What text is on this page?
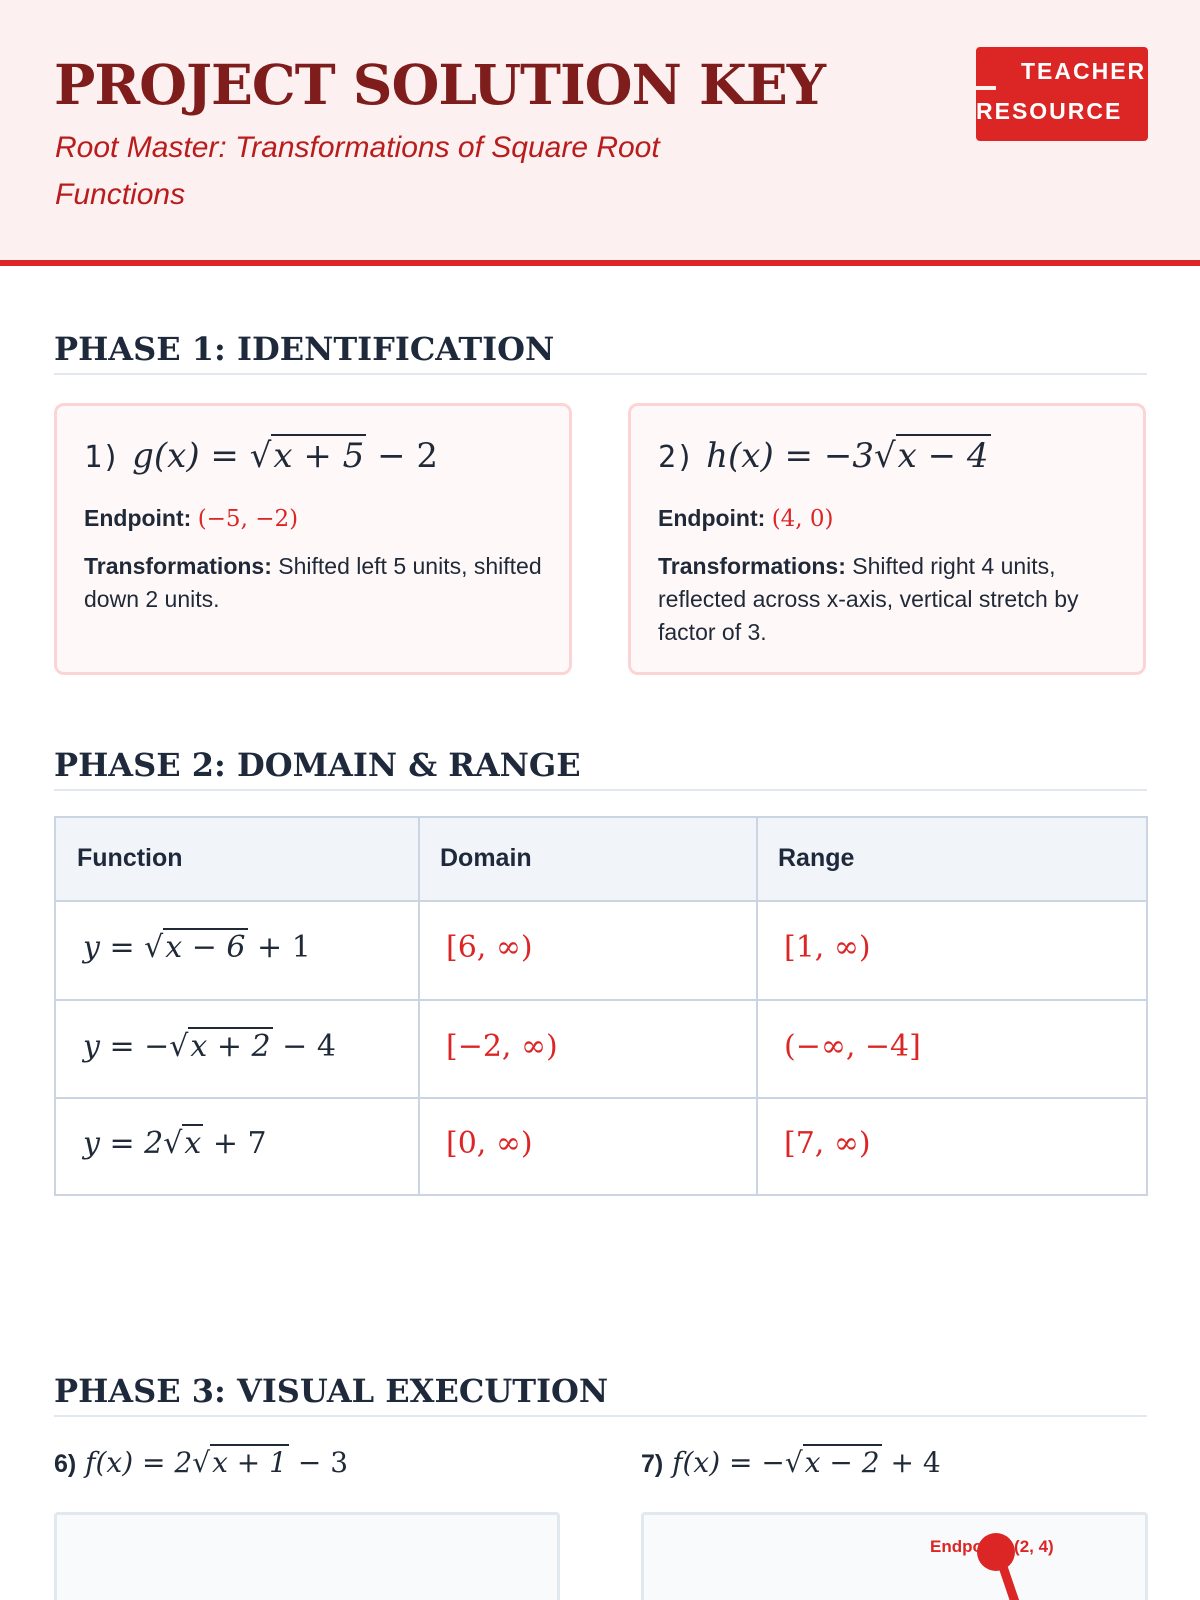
PROJECT SOLUTION KEY
Root Master: Transformations of Square Root Functions
TEACHER
RESOURCE
PHASE 1: IDENTIFICATION
1) g(x) = √x + 5 − 2
Endpoint: (−5, −2)
Transformations: Shifted left 5 units, shifted down 2 units.
2) h(x) = −3√x − 4
Endpoint: (4, 0)
Transformations: Shifted right 4 units, reflected across x-axis, vertical stretch by factor of 3.
PHASE 2: DOMAIN & RANGE
Function	Domain	Range
y = √x − 6 + 1	[6, ∞)	[1, ∞)
y = −√x + 2 − 4	[−2, ∞)	(−∞, −4]
y = 2√x + 7	[0, ∞)	[7, ∞)
PHASE 3: VISUAL EXECUTION
6) f(x) = 2√x + 1 − 3	7) f(x) = −√x − 2 + 4
Endpoint: (2, 4)
